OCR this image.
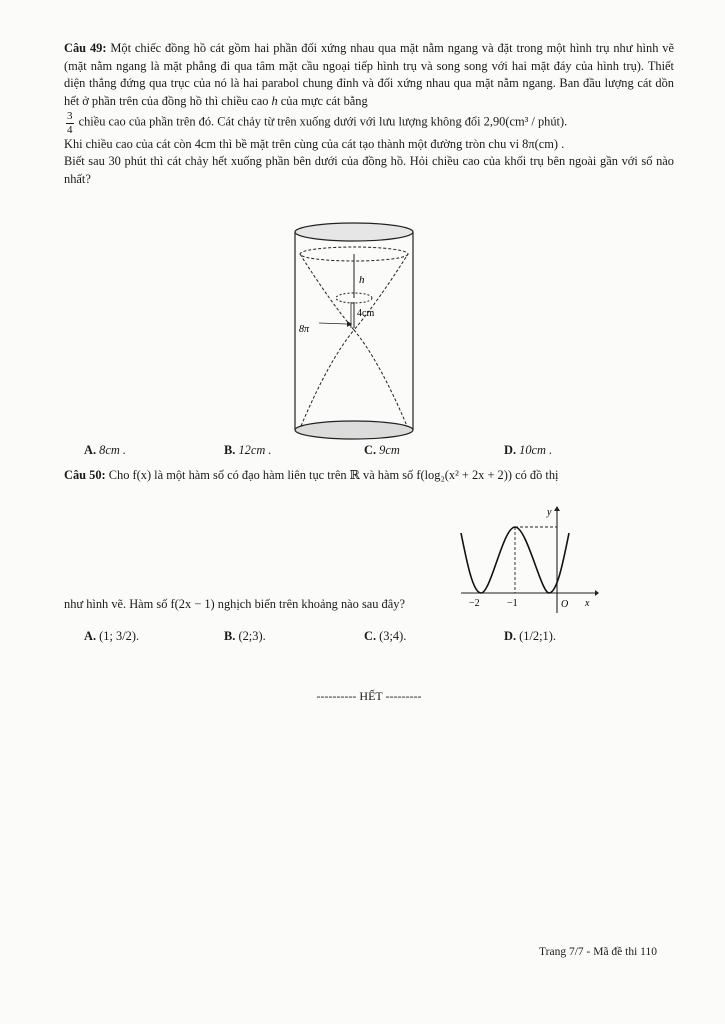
Câu 49: Một chiếc đồng hồ cát gồm hai phần đối xứng nhau qua mặt nằm ngang và đặt trong một hình trụ như hình vẽ (mặt nằm ngang là mặt phẳng đi qua tâm mặt cầu ngoại tiếp hình trụ và song song với hai mặt đáy của hình trụ). Thiết diện thẳng đứng qua trục của nó là hai parabol chung đỉnh và đối xứng nhau qua mặt nằm ngang. Ban đầu lượng cát dồn hết ở phần trên của đồng hồ thì chiều cao h của mực cát bằng

$\frac{3}{4}$ chiều cao của phần trên đó. Cát chảy từ trên xuống dưới với lưu lượng không đổi 2,90(cm³ / phút).
Khi chiều cao của cát còn 4cm thì bề mặt trên cùng của cát tạo thành một đường tròn chu vi 8π(cm) .
Biết sau 30 phút thì cát chảy hết xuống phần bên dưới của đồng hồ. Hỏi chiều cao của khối trụ bên ngoài gần với số nào nhất?

h
4cm
8π
A. 8cm .	B. 12cm .	C. 9cm	D. 10cm .

Câu 50: Cho f(x) là một hàm số có đạo hàm liên tục trên ℝ và hàm số f(log₂(x² + 2x + 2)) có đồ thị

y
x
−2	−1	O

như hình vẽ. Hàm số f(2x − 1) nghịch biến trên khoảng nào sau đây?

A. (1; 3/2).	B. (2;3).	C. (3;4).	D. (1/2;1).
---------- HẾT ---------
Trang 7/7 - Mã đề thi 110
